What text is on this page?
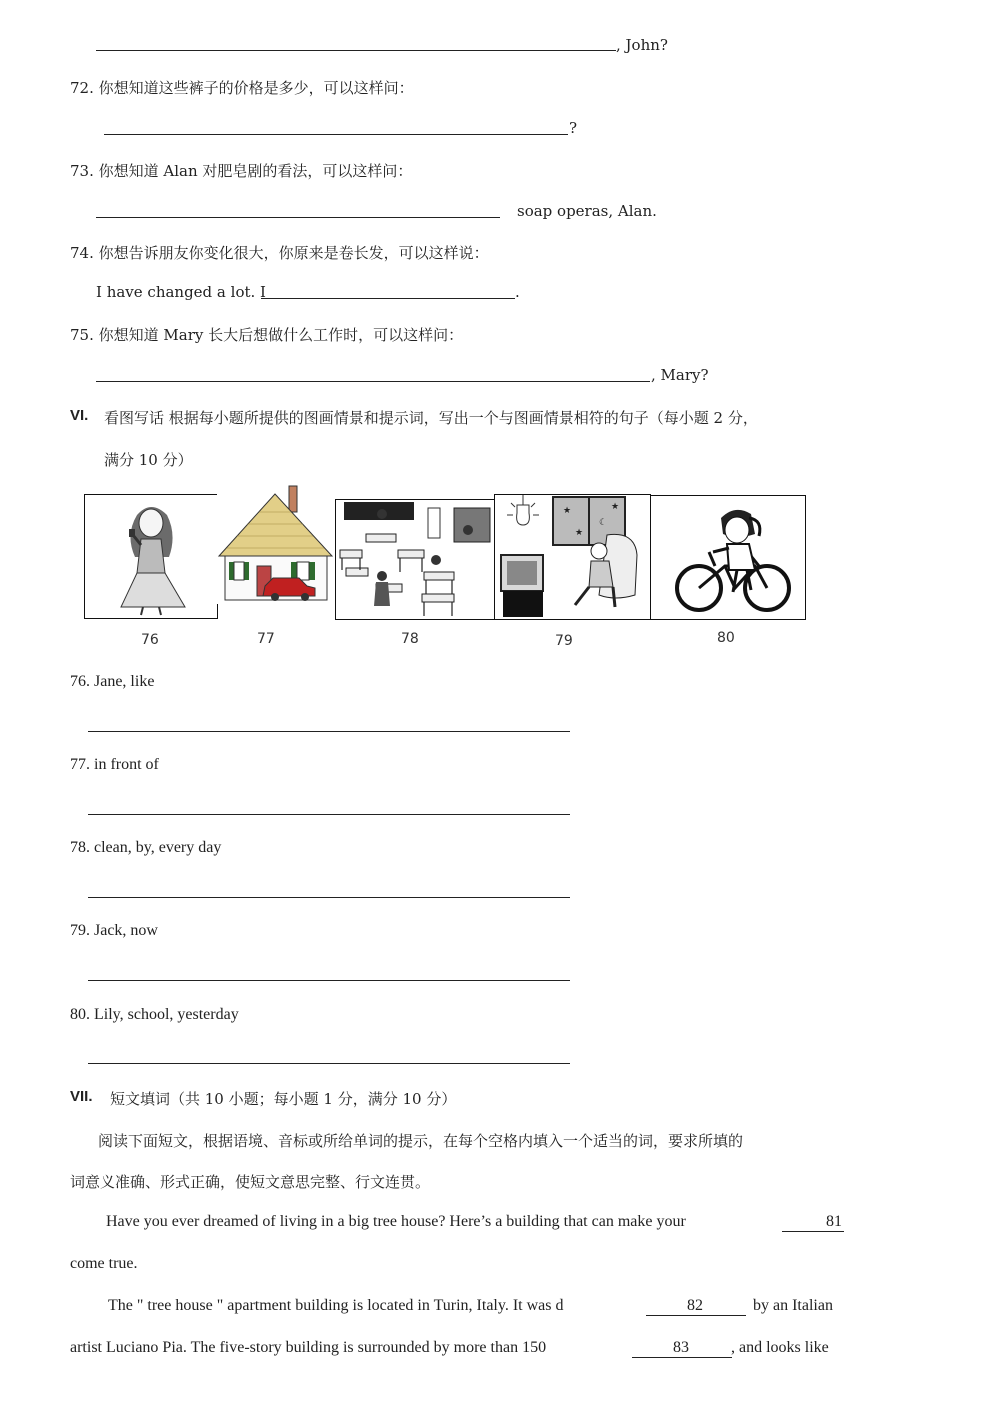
, John?
72. 你想知道这些裤子的价格是多少，可以这样问：
?
73. 你想知道 Alan 对肥皂剧的看法，可以这样问：
soap operas, Alan.
74. 你想告诉朋友你变化很大，你原来是卷长发，可以这样说：
I have changed a lot. I	.
75. 你想知道 Mary 长大后想做什么工作时，可以这样问：
, Mary?
VI. 看图写话 根据每小题所提供的图画情景和提示词，写出一个与图画情景相符的句子（每小题 2 分，
满分 10 分）
76	77	78
★
☾
★
★
79	80
76. Jane, like
77. in front of
78. clean, by, every day
79. Jack, now
80. Lily, school, yesterday
VII. 短文填词（共 10 小题；每小题 1 分，满分 10 分）
阅读下面短文，根据语境、音标或所给单词的提示，在每个空格内填入一个适当的词，要求所填的
词意义准确、形式正确，使短文意思完整、行文连贯。
Have you ever dreamed of living in a big tree house? Here’s a building that can make your	81
come true.
The " tree house " apartment building is located in Turin, Italy. It was d	82	by an Italian
artist Luciano Pia. The five-story building is surrounded by more than 150	83	, and looks like
